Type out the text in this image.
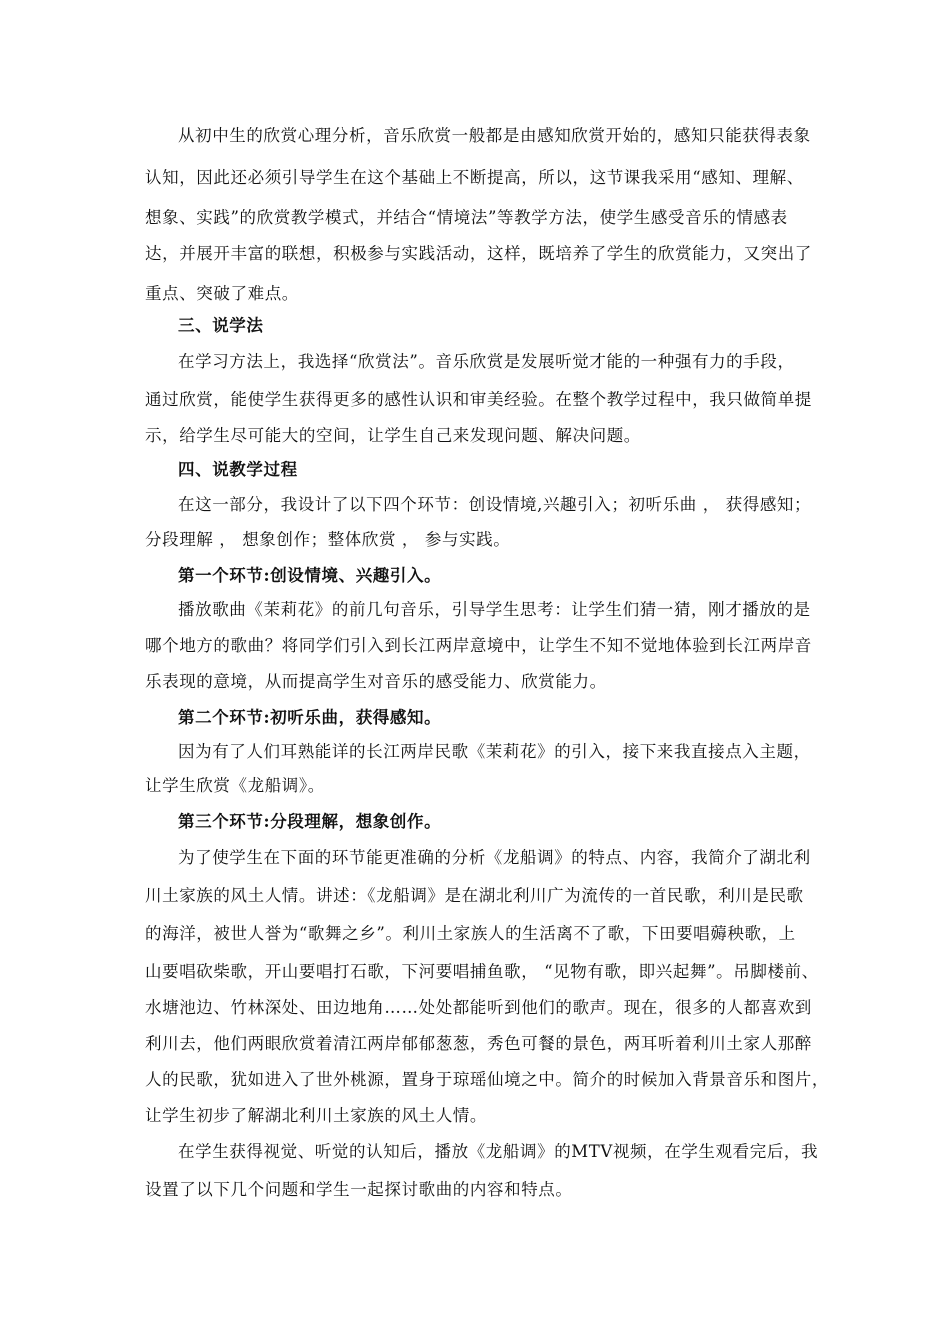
从初中生的欣赏心理分析，音乐欣赏一般都是由感知欣赏开始的，感知只能获得表象
认知，因此还必须引导学生在这个基础上不断提高，所以，这节课我采用“感知、理解、
想象、实践”的欣赏教学模式，并结合“情境法”等教学方法，使学生感受音乐的情感表
达，并展开丰富的联想，积极参与实践活动，这样，既培养了学生的欣赏能力，又突出了
重点、突破了难点。
三、说学法
在学习方法上，我选择“欣赏法”。音乐欣赏是发展听觉才能的一种强有力的手段，
通过欣赏，能使学生获得更多的感性认识和审美经验。在整个教学过程中，我只做简单提
示，给学生尽可能大的空间，让学生自己来发现问题、解决问题。
四、说教学过程
在这一部分，我设计了以下四个环节：创设情境,兴趣引入；初听乐曲 ， 获得感知；
分段理解 ， 想象创作；整体欣赏 ， 参与实践。
第一个环节:创设情境、兴趣引入。
播放歌曲《茉莉花》的前几句音乐，引导学生思考：让学生们猜一猜，刚才播放的是
哪个地方的歌曲？将同学们引入到长江两岸意境中，让学生不知不觉地体验到长江两岸音
乐表现的意境，从而提高学生对音乐的感受能力、欣赏能力。
第二个环节:初听乐曲，获得感知。
因为有了人们耳熟能详的长江两岸民歌《茉莉花》的引入，接下来我直接点入主题，
让学生欣赏《龙船调》。
第三个环节:分段理解，想象创作。
为了使学生在下面的环节能更准确的分析《龙船调》的特点、内容，我简介了湖北利
川土家族的风土人情。讲述：《龙船调》是在湖北利川广为流传的一首民歌，利川是民歌
的海洋，被世人誉为“歌舞之乡”。利川土家族人的生活离不了歌，下田要唱薅秧歌，上
山要唱砍柴歌，开山要唱打石歌，下河要唱捕鱼歌， “见物有歌，即兴起舞”。吊脚楼前、
水塘池边、竹林深处、田边地角……处处都能听到他们的歌声。现在，很多的人都喜欢到
利川去，他们两眼欣赏着清江两岸郁郁葱葱，秀色可餐的景色，两耳听着利川土家人那醉
人的民歌，犹如进入了世外桃源，置身于琼瑶仙境之中。简介的时候加入背景音乐和图片，
让学生初步了解湖北利川土家族的风土人情。
在学生获得视觉、听觉的认知后，播放《龙船调》的MTV视频，在学生观看完后，我
设置了以下几个问题和学生一起探讨歌曲的内容和特点。
